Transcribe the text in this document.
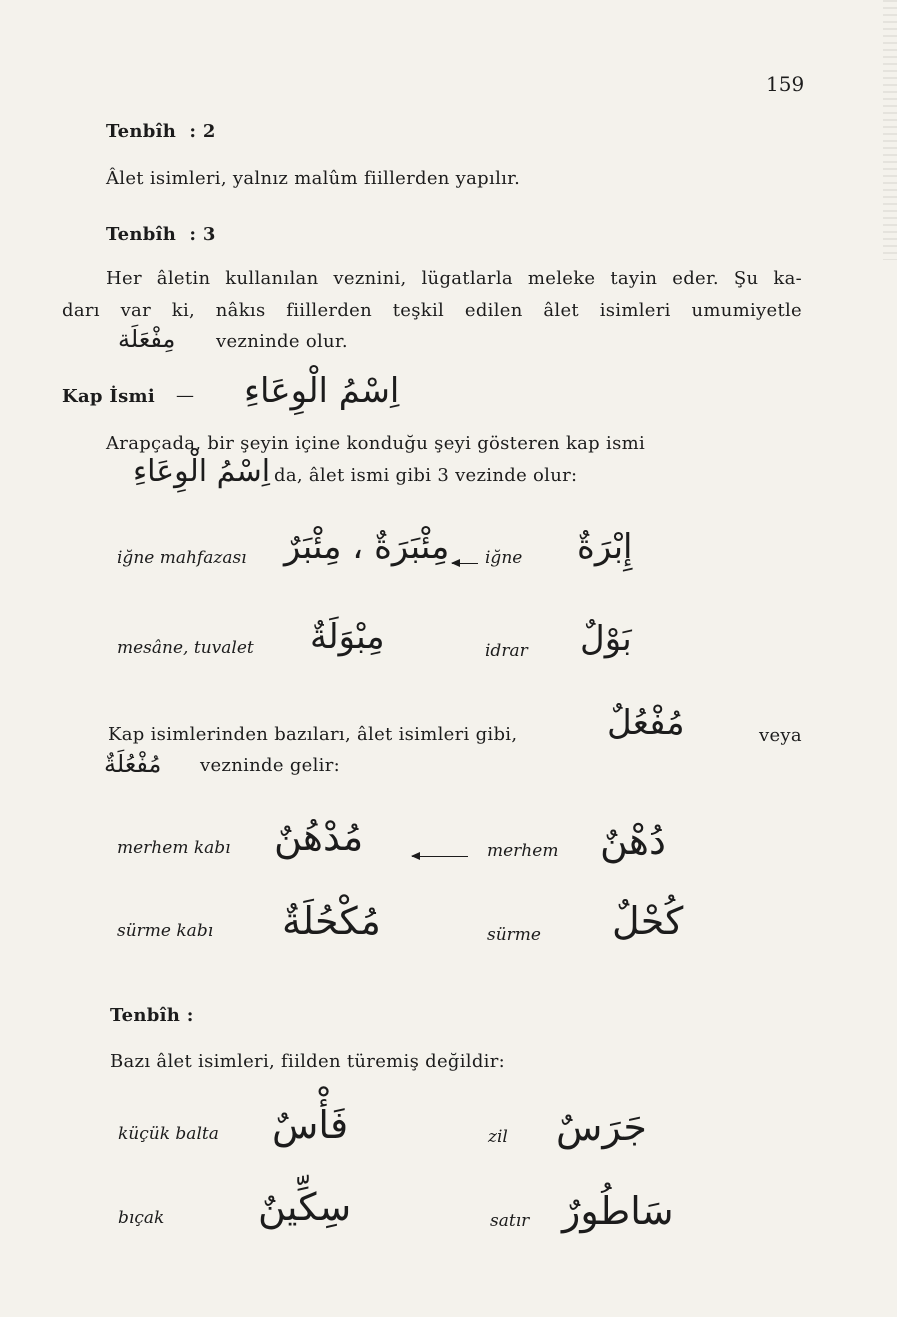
159
Tenbîh : 2
Âlet isimleri, yalnız malûm fiillerden yapılır.
Tenbîh : 3
Her âletin kullanılan veznini, lügatlarla meleke tayin eder. Şu ka-
darı var ki, nâkıs fiillerden teşkil edilen âlet isimleri umumiyetle
مِفْعَلَة vezninde olur.
Kap İsmi — اِسْمُ الْوِعَاءِ
Arapçada, bir şeyin içine konduğu şeyi gösteren kap ismi
اِسْمُ الْوِعَاءِ da, âlet ismi gibi 3 vezinde olur:
iğne mahfazası مِئْبَرَةٌ ، مِئْبَرٌ iğne إِبْرَةٌ
mesâne, tuvalet مِبْوَلَةٌ	idrar بَوْلٌ
Kap isimlerinden bazıları, âlet isimleri gibi,	مُفْعُلٌ	veya
مُفْعُلَةٌ vezninde gelir:
merhem kabı مُدْهُنٌ	merhem دُهْنٌ
sürme kabı مُكْحُلَةٌ	sürme كُحْلٌ
Tenbîh :
Bazı âlet isimleri, fiilden türemiş değildir:
küçük balta فَأْسٌ	zil جَرَسٌ
bıçak سِكِّينٌ	satır سَاطُورٌ
